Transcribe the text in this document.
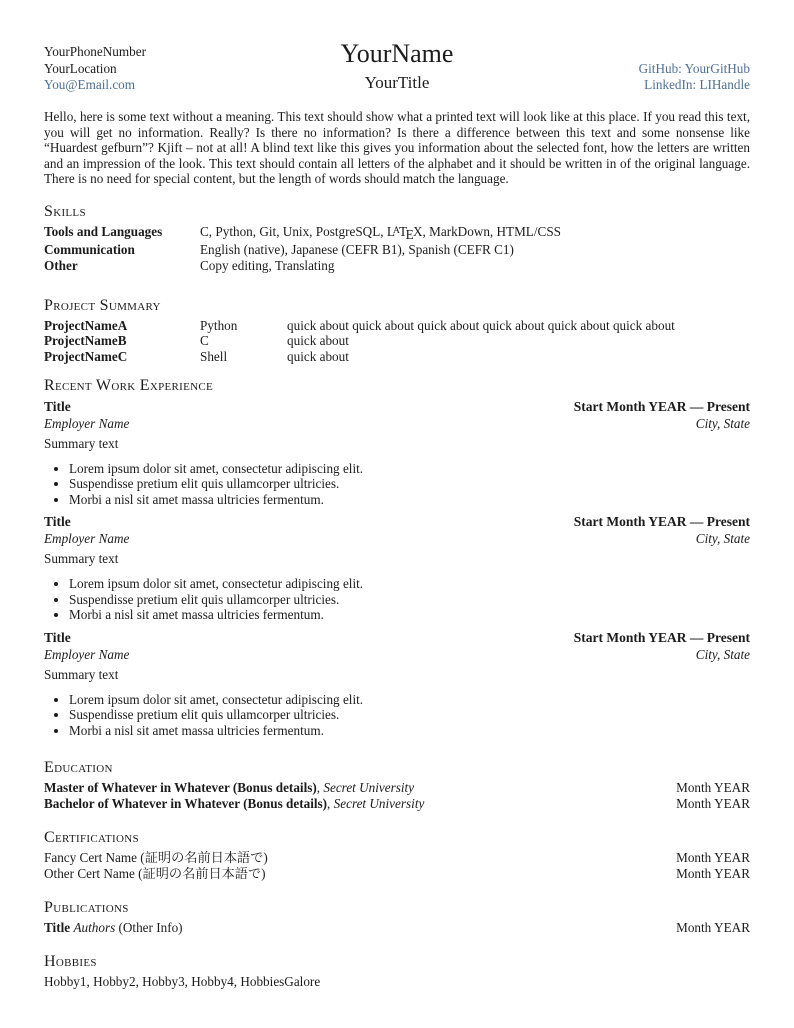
YourPhoneNumber
YourLocation
You@Email.com
YourName
YourTitle
GitHub: YourGitHub
LinkedIn: LIHandle

Hello, here is some text without a meaning. This text should show what a printed text will look like at this place. If you read this text, you will get no information. Really? Is there no information? Is there a difference between this text and some nonsense like “Huardest gefburn”? Kjift – not at all! A blind text like this gives you information about the selected font, how the letters are written and an impression of the look. This text should contain all letters of the alphabet and it should be written in of the original language. There is no need for special content, but the length of words should match the language.

Skills
Tools and Languages	C, Python, Git, Unix, PostgreSQL, $L^ATEX$, MarkDown, HTML/CSS
Communication	English (native), Japanese (CEFR B1), Spanish (CEFR C1)
Other	Copy editing, Translating
Project Summary
ProjectNameA	Python	quick about quick about quick about quick about quick about quick about
ProjectNameB	C	quick about
ProjectNameC	Shell	quick about
Recent Work Experience
Title	Start Month YEAR — Present
Employer Name	City, State
Summary text
• Lorem ipsum dolor sit amet, consectetur adipiscing elit.
• Suspendisse pretium elit quis ullamcorper ultricies.
• Morbi a nisl sit amet massa ultricies fermentum.
Title	Start Month YEAR — Present
Employer Name	City, State
Summary text
• Lorem ipsum dolor sit amet, consectetur adipiscing elit.
• Suspendisse pretium elit quis ullamcorper ultricies.
• Morbi a nisl sit amet massa ultricies fermentum.
Title	Start Month YEAR — Present
Employer Name	City, State
Summary text
• Lorem ipsum dolor sit amet, consectetur adipiscing elit.
• Suspendisse pretium elit quis ullamcorper ultricies.
• Morbi a nisl sit amet massa ultricies fermentum.
Education
Master of Whatever in Whatever (Bonus details), Secret University	Month YEAR
Bachelor of Whatever in Whatever (Bonus details), Secret University	Month YEAR
Certifications
Fancy Cert Name (証明の名前日本語で)	Month YEAR
Other Cert Name (証明の名前日本語で)	Month YEAR
Publications
Title Authors (Other Info)	Month YEAR
Hobbies
Hobby1, Hobby2, Hobby3, Hobby4, HobbiesGalore
